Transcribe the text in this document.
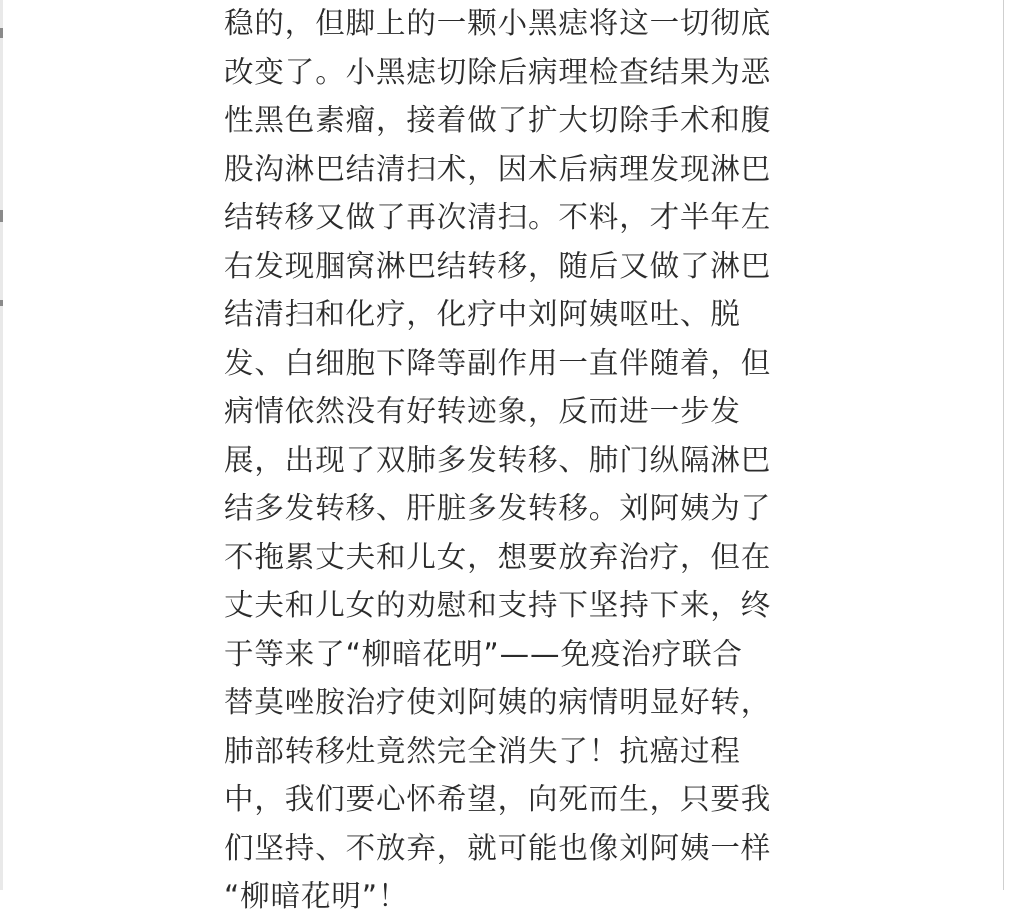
稳的，但脚上的一颗小黑痣将这一切彻底
改变了。小黑痣切除后病理检查结果为恶
性黑色素瘤，接着做了扩大切除手术和腹
股沟淋巴结清扫术，因术后病理发现淋巴
结转移又做了再次清扫。不料，才半年左
右发现腘窝淋巴结转移，随后又做了淋巴
结清扫和化疗，化疗中刘阿姨呕吐、脱
发、白细胞下降等副作用一直伴随着，但
病情依然没有好转迹象，反而进一步发
展，出现了双肺多发转移、肺门纵隔淋巴
结多发转移、肝脏多发转移。刘阿姨为了
不拖累丈夫和儿女，想要放弃治疗，但在
丈夫和儿女的劝慰和支持下坚持下来，终
于等来了“柳暗花明”——免疫治疗联合
替莫唑胺治疗使刘阿姨的病情明显好转，
肺部转移灶竟然完全消失了！抗癌过程
中，我们要心怀希望，向死而生，只要我
们坚持、不放弃，就可能也像刘阿姨一样
“柳暗花明”！
